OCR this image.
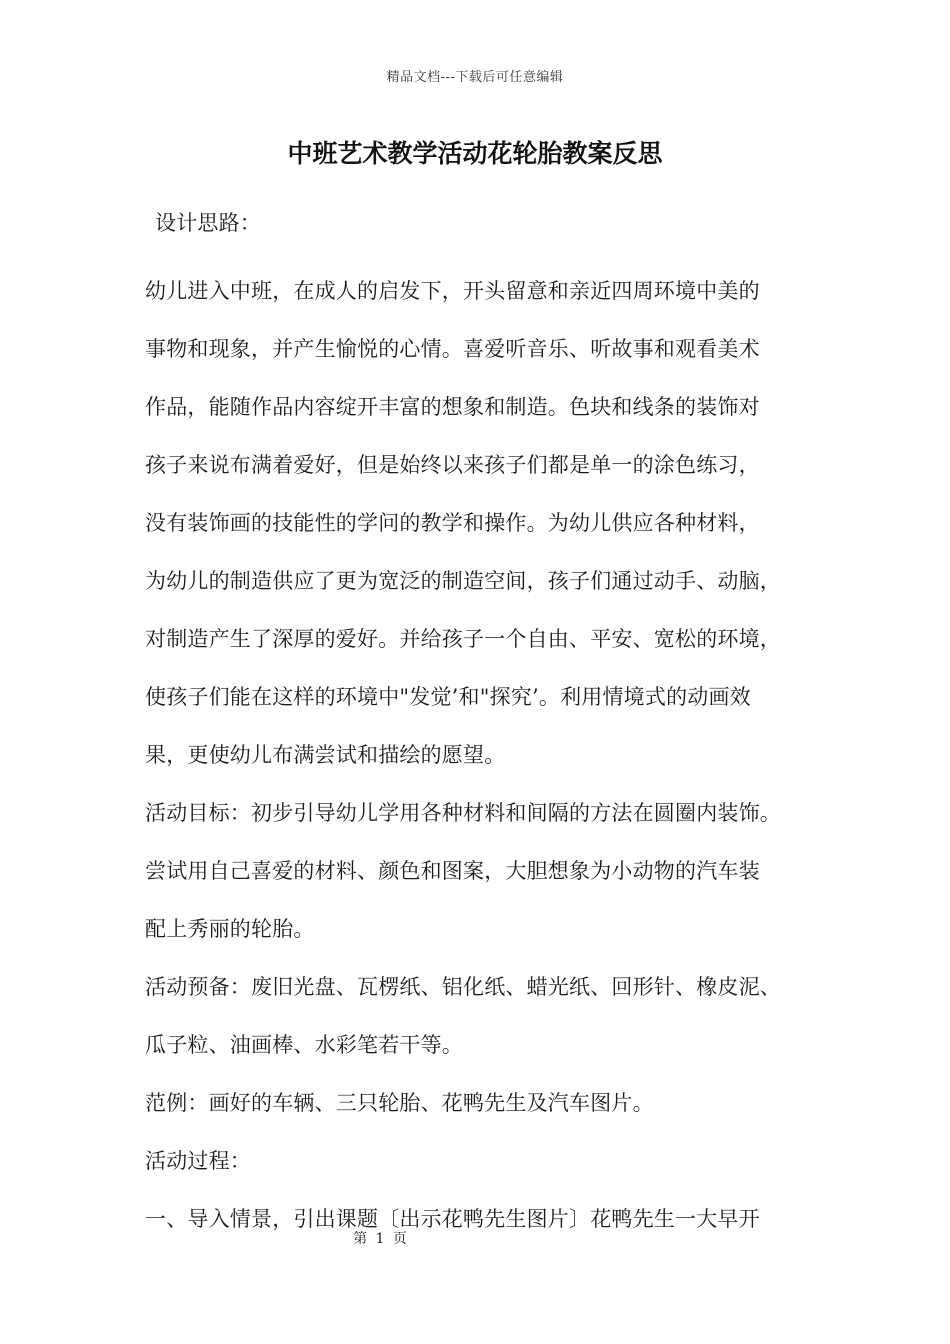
精品文档---下载后可任意编辑
中班艺术教学活动花轮胎教案反思
设计思路：
幼儿进入中班，在成人的启发下，开头留意和亲近四周环境中美的
事物和现象，并产生愉悦的心情。喜爱听音乐、听故事和观看美术
作品，能随作品内容绽开丰富的想象和制造。色块和线条的装饰对
孩子来说布满着爱好，但是始终以来孩子们都是单一的涂色练习，
没有装饰画的技能性的学问的教学和操作。为幼儿供应各种材料，
为幼儿的制造供应了更为宽泛的制造空间，孩子们通过动手、动脑，
对制造产生了深厚的爱好。并给孩子一个自由、平安、宽松的环境，
使孩子们能在这样的环境中"发觉’和"探究’。利用情境式的动画效
果，更使幼儿布满尝试和描绘的愿望。
活动目标：初步引导幼儿学用各种材料和间隔的方法在圆圈内装饰。
尝试用自己喜爱的材料、颜色和图案，大胆想象为小动物的汽车装
配上秀丽的轮胎。
活动预备：废旧光盘、瓦楞纸、铝化纸、蜡光纸、回形针、橡皮泥、
瓜子粒、油画棒、水彩笔若干等。
范例：画好的车辆、三只轮胎、花鸭先生及汽车图片。
活动过程：
一、导入情景，引出课题〔出示花鸭先生图片〕花鸭先生一大早开
第 1 页
